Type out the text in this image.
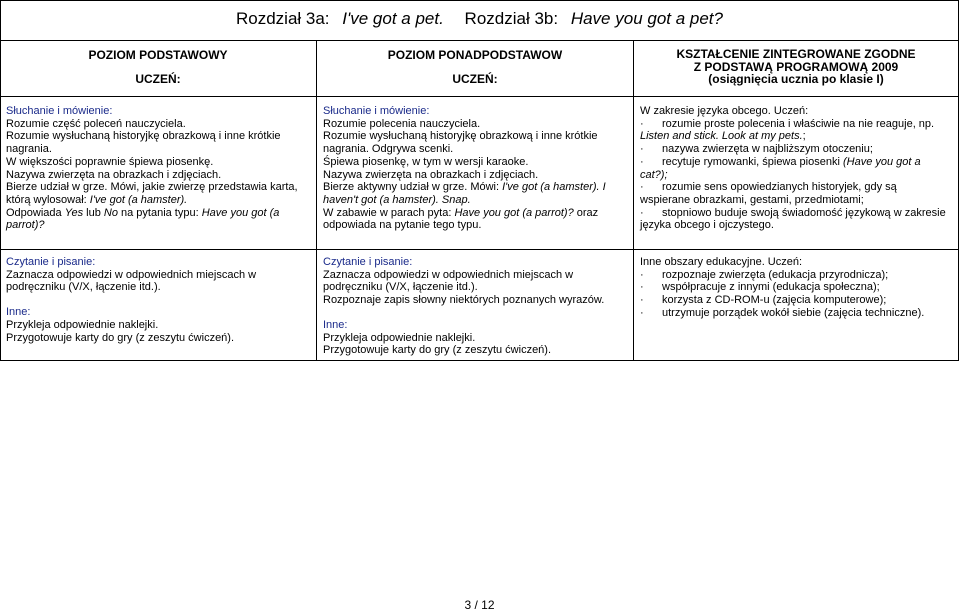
Rozdział 3a: I've got a pet. Rozdział 3b: Have you got a pet?
POZIOM PODSTAWOWY
UCZEŃ:
POZIOM PONADPODSTAWOW
UCZEŃ:
KSZTAŁCENIE ZINTEGROWANE ZGODNE
Z PODSTAWĄ PROGRAMOWĄ 2009
(osiągnięcia ucznia po klasie I)

Słuchanie i mówienie:

Rozumie część poleceń nauczyciela.

Rozumie wysłuchaną historyjkę obrazkową i inne krótkie

nagrania.

W większości poprawnie śpiewa piosenkę.

Nazywa zwierzęta na obrazkach i zdjęciach.

Bierze udział w grze. Mówi, jakie zwierzę przedstawia karta,

którą wylosował: I've got (a hamster).

Odpowiada Yes lub No na pytania typu: Have you got (a

parrot)?

Słuchanie i mówienie:

Rozumie polecenia nauczyciela.

Rozumie wysłuchaną historyjkę obrazkową i inne krótkie

nagrania. Odgrywa scenki.

Śpiewa piosenkę, w tym w wersji karaoke.

Nazywa zwierzęta na obrazkach i zdjęciach.

Bierze aktywny udział w grze. Mówi: I've got (a hamster). I

haven't got (a hamster). Snap.

W zabawie w parach pyta: Have you got (a parrot)? oraz

odpowiada na pytanie tego typu.

W zakresie języka obcego. Uczeń:

· rozumie proste polecenia i właściwie na nie reaguje, np.

Listen and stick. Look at my pets.;

· nazywa zwierzęta w najbliższym otoczeniu;

· recytuje rymowanki, śpiewa piosenki (Have you got a

cat?);

· rozumie sens opowiedzianych historyjek, gdy są

wspierane obrazkami, gestami, przedmiotami;

· stopniowo buduje swoją świadomość językową w zakresie

języka obcego i ojczystego.

Czytanie i pisanie:

Zaznacza odpowiedzi w odpowiednich miejscach w

podręczniku (V/X, łączenie itd.).

Inne:

Przykleja odpowiednie naklejki.

Przygotowuje karty do gry (z zeszytu ćwiczeń).

Czytanie i pisanie:

Zaznacza odpowiedzi w odpowiednich miejscach w

podręczniku (V/X, łączenie itd.).

Rozpoznaje zapis słowny niektórych poznanych wyrazów.

Inne:

Przykleja odpowiednie naklejki.

Przygotowuje karty do gry (z zeszytu ćwiczeń).

Inne obszary edukacyjne. Uczeń:

· rozpoznaje zwierzęta (edukacja przyrodnicza);

· współpracuje z innymi (edukacja społeczna);

· korzysta z CD-ROM-u (zajęcia komputerowe);

· utrzymuje porządek wokół siebie (zajęcia techniczne).

3 / 12
